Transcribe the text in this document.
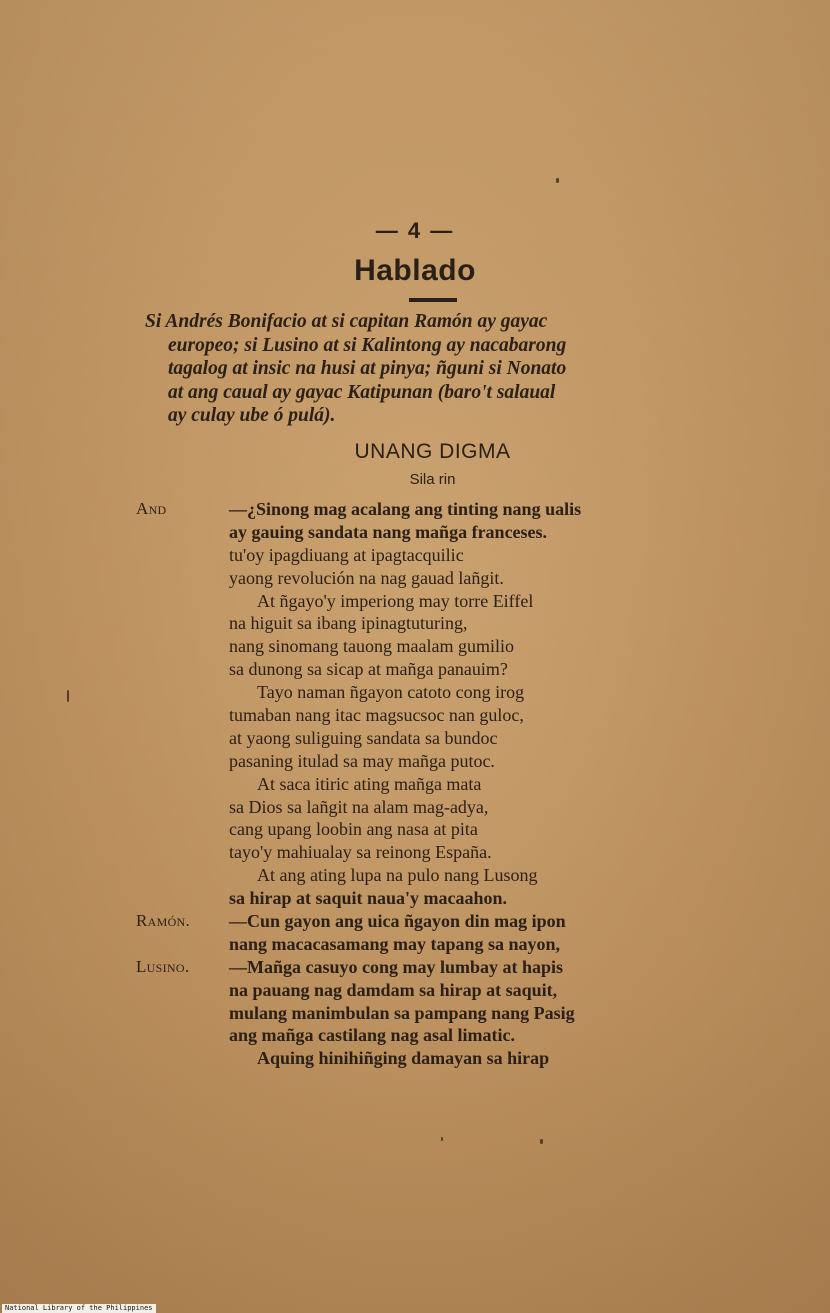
— 4 —
Hablado
Si Andrés Bonifacio at si capitan Ramón ay gayac
europeo; si Lusino at si Kalintong ay nacabarong
tagalog at insic na husi at pinya; ñguni si Nonato
at ang caual ay gayac Katipunan (baro't salaual
ay culay ube ó pulá).
UNANG DIGMA
Sila rin
And	—¿Sinong mag acalang ang tinting nang ualis
ay gauing sandata nang mañga franceses.
tu'oy ipagdiuang at ipagtacquilic
yaong revolución na nag gauad lañgit.
At ñgayo'y imperiong may torre Eiffel
na higuit sa ibang ipinagtuturing,
nang sinomang tauong maalam gumilio
sa dunong sa sicap at mañga panauim?
Tayo naman ñgayon catoto cong irog
tumaban nang itac magsucsoc nan guloc,
at yaong suliguing sandata sa bundoc
pasaning itulad sa may mañga putoc.
At saca itiric ating mañga mata
sa Dios sa lañgit na alam mag-adya,
cang upang loobin ang nasa at pita
tayo'y mahiualay sa reinong España.
At ang ating lupa na pulo nang Lusong
sa hirap at saquit naua'y macaahon.
Ramón. —Cun gayon ang uica ñgayon din mag ipon
nang macacasamang may tapang sa nayon,
Lusino. —Mañga casuyo cong may lumbay at hapis
na pauang nag damdam sa hirap at saquit,
mulang manimbulan sa pampang nang Pasig
ang mañga castilang nag asal limatic.
Aquing hinihiñging damayan sa hirap
National Library of the Philippines
